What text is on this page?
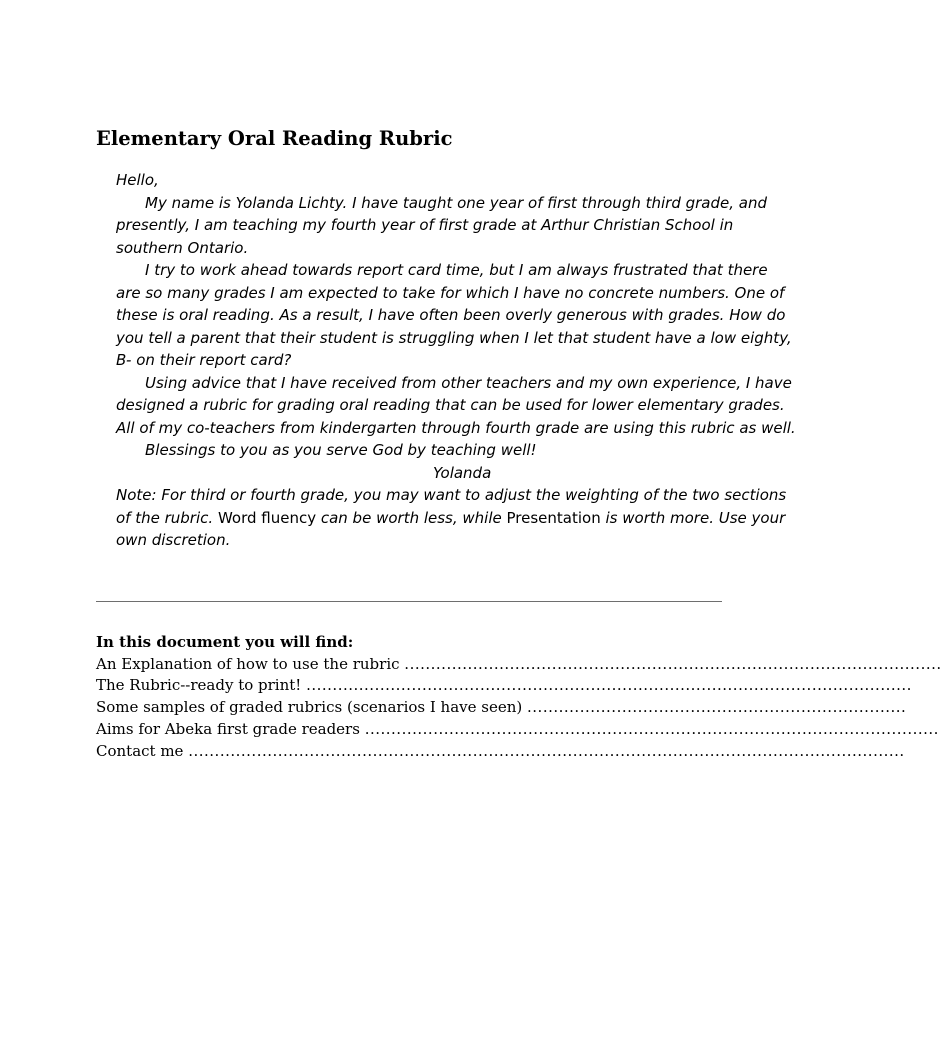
Elementary Oral Reading Rubric
Hello,
My name is Yolanda Lichty. I have taught one year of first through third grade, and
presently, I am teaching my fourth year of first grade at Arthur Christian School in
southern Ontario.
I try to work ahead towards report card time, but I am always frustrated that there
are so many grades I am expected to take for which I have no concrete numbers. One of
these is oral reading. As a result, I have often been overly generous with grades. How do
you tell a parent that their student is struggling when I let that student have a low eighty,
B- on their report card?
Using advice that I have received from other teachers and my own experience, I have
designed a rubric for grading oral reading that can be used for lower elementary grades.
All of my co-teachers from kindergarten through fourth grade are using this rubric as well.
Blessings to you as you serve God by teaching well!
Yolanda
Note: For third or fourth grade, you may want to adjust the weighting of the two sections
of the rubric. Word fluency can be worth less, while Presentation is worth more. Use your
own discretion.
In this document you will find:
An Explanation of how to use the rubric ......................................................................................................
The Rubric--ready to print! ...................................................................................................................
Some samples of graded rubrics (scenarios I have seen) ........................................................................
Aims for Abeka first grade readers .............................................................................................................
Contact me ........................................................................................................................................
